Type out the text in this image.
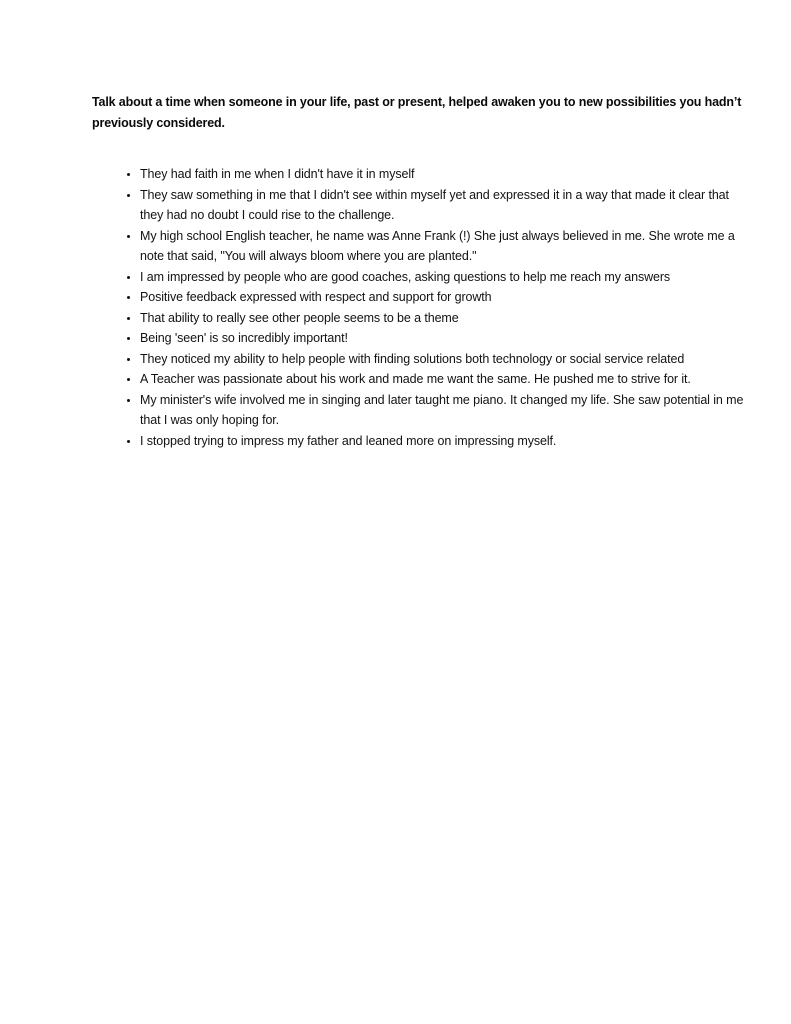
Talk about a time when someone in your life, past or present, helped awaken you to new possibilities you hadn’t previously considered.
• They had faith in me when I didn't have it in myself
• They saw something in me that I didn't see within myself yet and expressed it in a way that made it clear that they had no doubt I could rise to the challenge.
• My high school English teacher, he name was Anne Frank (!) She just always believed in me. She wrote me a note that said, "You will always bloom where you are planted."
• I am impressed by people who are good coaches, asking questions to help me reach my answers
• Positive feedback expressed with respect and support for growth
• That ability to really see other people seems to be a theme
• Being 'seen' is so incredibly important!
• They noticed my ability to help people with finding solutions both technology or social service related
• A Teacher was passionate about his work and made me want the same. He pushed me to strive for it.
• My minister's wife involved me in singing and later taught me piano. It changed my life. She saw potential in me that I was only hoping for.
• I stopped trying to impress my father and leaned more on impressing myself.
